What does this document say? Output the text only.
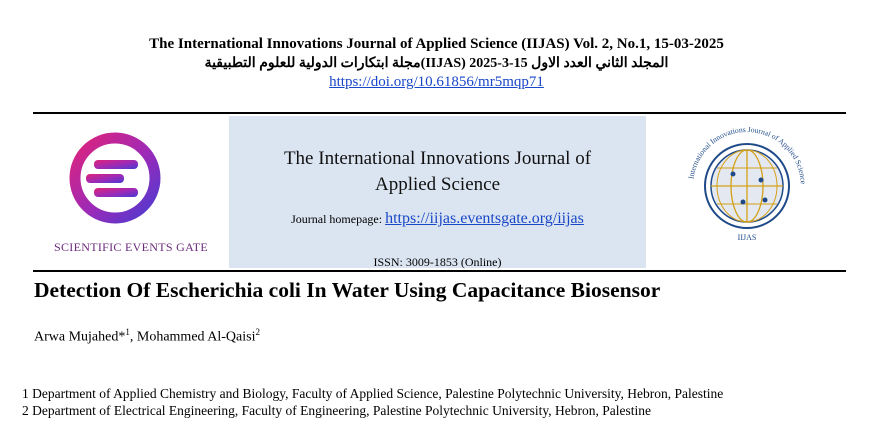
The International Innovations Journal of Applied Science (IIJAS) Vol. 2, No.1, 15-03-2025
المجلد الثاني العدد الاول 15-3-2025 (IIJAS)مجلة ابتكارات الدولية للعلوم التطبيقية
https://doi.org/10.61856/mr5mqp71
SCIENTIFIC EVENTS GATE
The International Innovations Journal of
Applied Science
Journal homepage: https://iijas.eventsgate.org/iijas
ISSN: 3009-1853 (Online)
International Innovations Journal of Applied Science
IIJAS
Detection Of Escherichia coli In Water Using Capacitance Biosensor
Arwa Mujahed*$^1$, Mohammed Al-Qaisi$^2$
1 Department of Applied Chemistry and Biology, Faculty of Applied Science, Palestine Polytechnic University, Hebron, Palestine
2 Department of Electrical Engineering, Faculty of Engineering, Palestine Polytechnic University, Hebron, Palestine
